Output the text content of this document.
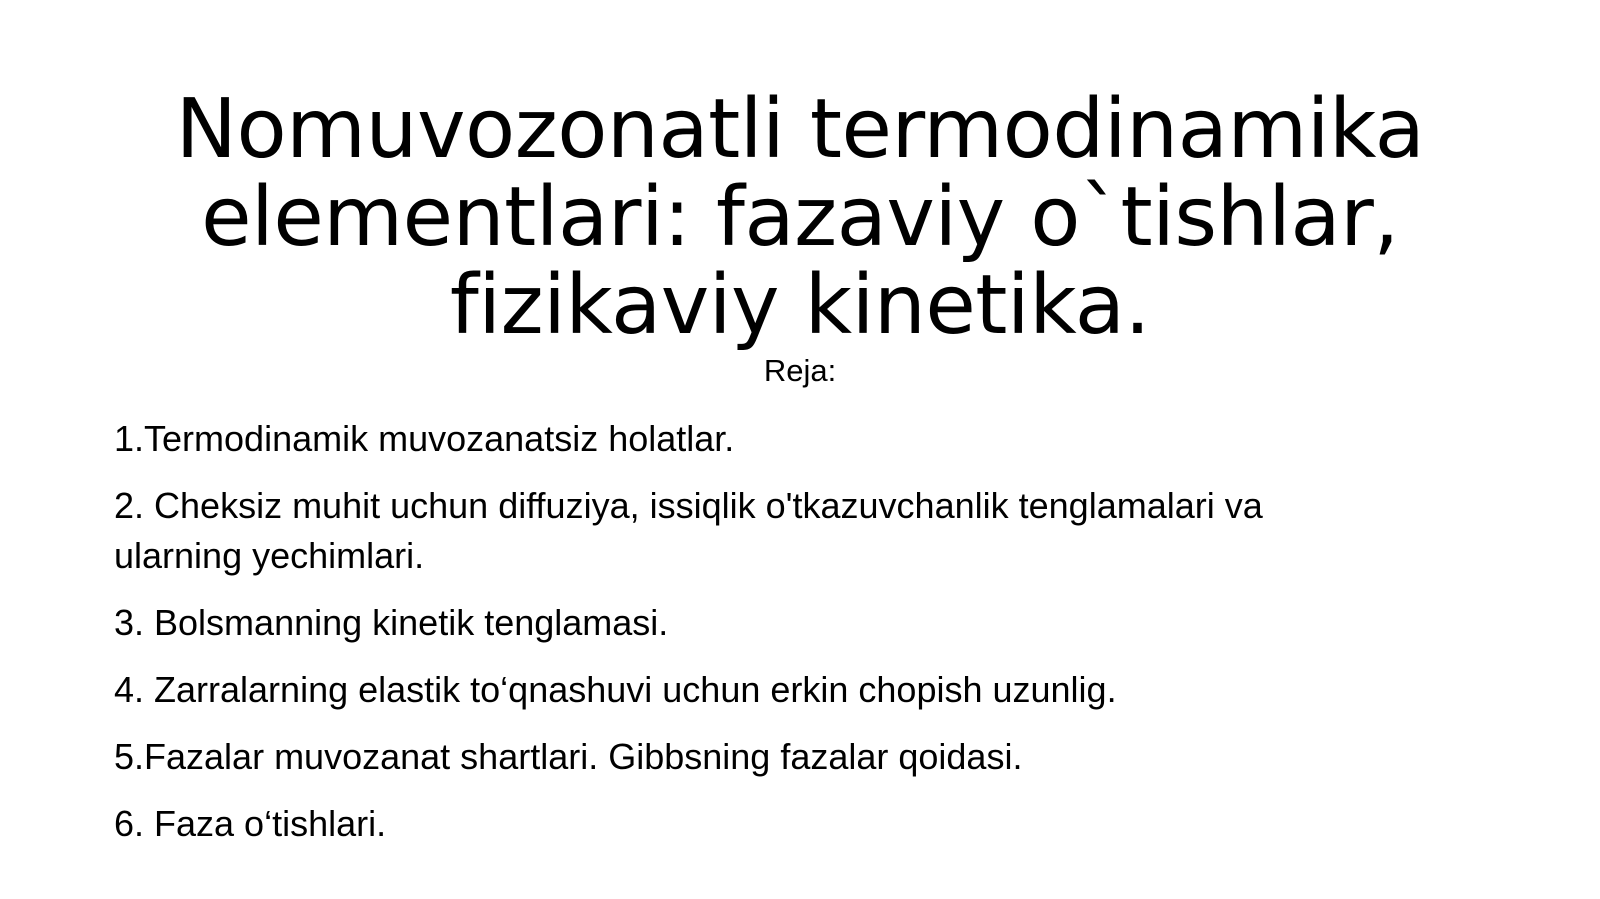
Nomuvozonatli termodinamika
elementlari: fazaviy o`tishlar,
fizikaviy kinetika.
Reja:
1.Termodinamik muvozanatsiz holatlar.
2. Cheksiz muhit uchun diffuziya, issiqlik o'tkazuvchanlik tenglamalari va ularning yechimlari.
3. Bolsmanning kinetik tenglamasi.
4. Zarralarning elastik to‘qnashuvi uchun erkin chopish uzunlig.
5.Fazalar muvozanat shartlari. Gibbsning fazalar qoidasi.
6. Faza o‘tishlari.
